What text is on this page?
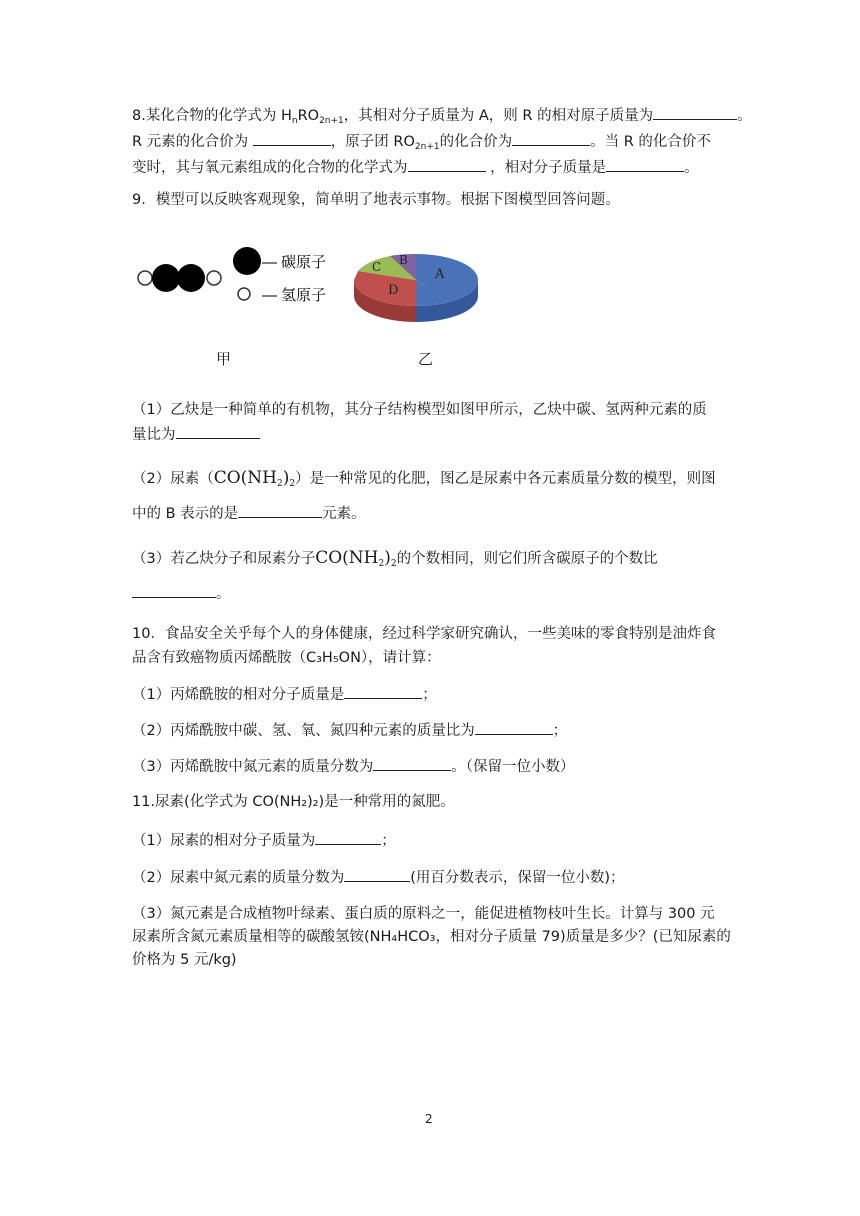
8.某化合物的化学式为 $H_nRO_{2n+1}$，其相对分子质量为 A，则 R 的相对原子质量为	。
R 元素的化合价为	，原子团 $RO_{2n+1}$的化合价为	。当 R 的化合价不
变时，其与氧元素组成的化合物的化学式为	，相对分子质量是	。
9．模型可以反映客观现象，简单明了地表示事物。根据下图模型回答问题。
— 碳原子
— 氢原子
A
B
C
D
甲	乙
（1）乙炔是一种简单的有机物，其分子结构模型如图甲所示，乙炔中碳、氢两种元素的质
量比为
（2）尿素$(CO(NH_2)_2)$是一种常见的化肥，图乙是尿素中各元素质量分数的模型，则图
中的 B 表示的是	元素。
（3）若乙炔分子和尿素分子$CO(NH_2)_2$的个数相同，则它们所含碳原子的个数比
。
10．食品安全关乎每个人的身体健康，经过科学家研究确认，一些美味的零食特别是油炸食
品含有致癌物质丙烯酰胺（C₃H₅ON），请计算：
（1）丙烯酰胺的相对分子质量是	；
（2）丙烯酰胺中碳、氢、氧、氮四种元素的质量比为	；
（3）丙烯酰胺中氮元素的质量分数为	。（保留一位小数）
11.尿素(化学式为 CO(NH₂)₂)是一种常用的氮肥。
（1）尿素的相对分子质量为	；
（2）尿素中氮元素的质量分数为	(用百分数表示，保留一位小数)；
（3）氮元素是合成植物叶绿素、蛋白质的原料之一，能促进植物枝叶生长。计算与 300 元
尿素所含氮元素质量相等的碳酸氢铵(NH₄HCO₃，相对分子质量 79)质量是多少？(已知尿素的
价格为 5 元/kg)
2
